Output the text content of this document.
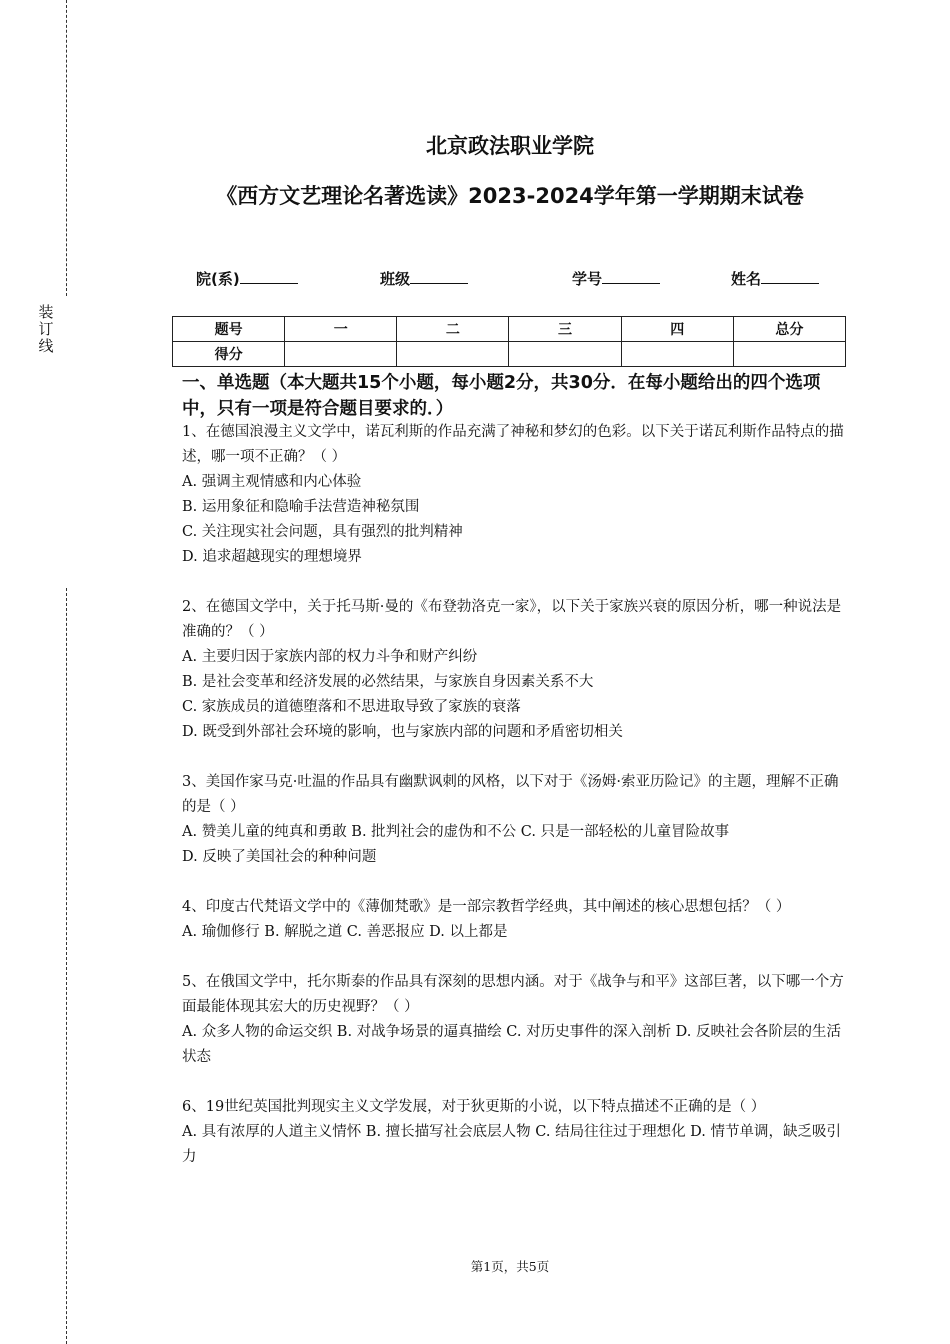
装订线
北京政法职业学院
《西方文艺理论名著选读》2023-2024学年第一学期期末试卷
院(系)	班级	学号	姓名
题号	一	二	三	四	总分
得分					
一、单选题（本大题共15个小题，每小题2分，共30分．在每小题给出的四个选项中，只有一项是符合题目要求的．）

1、在德国浪漫主义文学中，诺瓦利斯的作品充满了神秘和梦幻的色彩。以下关于诺瓦利斯作品特点的描述，哪一项不正确？（ ）

A. 强调主观情感和内心体验

B. 运用象征和隐喻手法营造神秘氛围

C. 关注现实社会问题，具有强烈的批判精神

D. 追求超越现实的理想境界

2、在德国文学中，关于托马斯·曼的《布登勃洛克一家》，以下关于家族兴衰的原因分析，哪一种说法是准确的？（ ）

A. 主要归因于家族内部的权力斗争和财产纠纷

B. 是社会变革和经济发展的必然结果，与家族自身因素关系不大

C. 家族成员的道德堕落和不思进取导致了家族的衰落

D. 既受到外部社会环境的影响，也与家族内部的问题和矛盾密切相关

3、美国作家马克·吐温的作品具有幽默讽刺的风格，以下对于《汤姆·索亚历险记》的主题，理解不正确的是（ ）

A. 赞美儿童的纯真和勇敢 B. 批判社会的虚伪和不公 C. 只是一部轻松的儿童冒险故事

D. 反映了美国社会的种种问题

4、印度古代梵语文学中的《薄伽梵歌》是一部宗教哲学经典，其中阐述的核心思想包括？（ ）

A. 瑜伽修行 B. 解脱之道 C. 善恶报应 D. 以上都是

5、在俄国文学中，托尔斯泰的作品具有深刻的思想内涵。对于《战争与和平》这部巨著，以下哪一个方面最能体现其宏大的历史视野？（ ）

A. 众多人物的命运交织 B. 对战争场景的逼真描绘 C. 对历史事件的深入剖析 D. 反映社会各阶层的生活状态

6、19世纪英国批判现实主义文学发展，对于狄更斯的小说，以下特点描述不正确的是（ ）

A. 具有浓厚的人道主义情怀 B. 擅长描写社会底层人物 C. 结局往往过于理想化 D. 情节单调，缺乏吸引力

第1页，共5页
